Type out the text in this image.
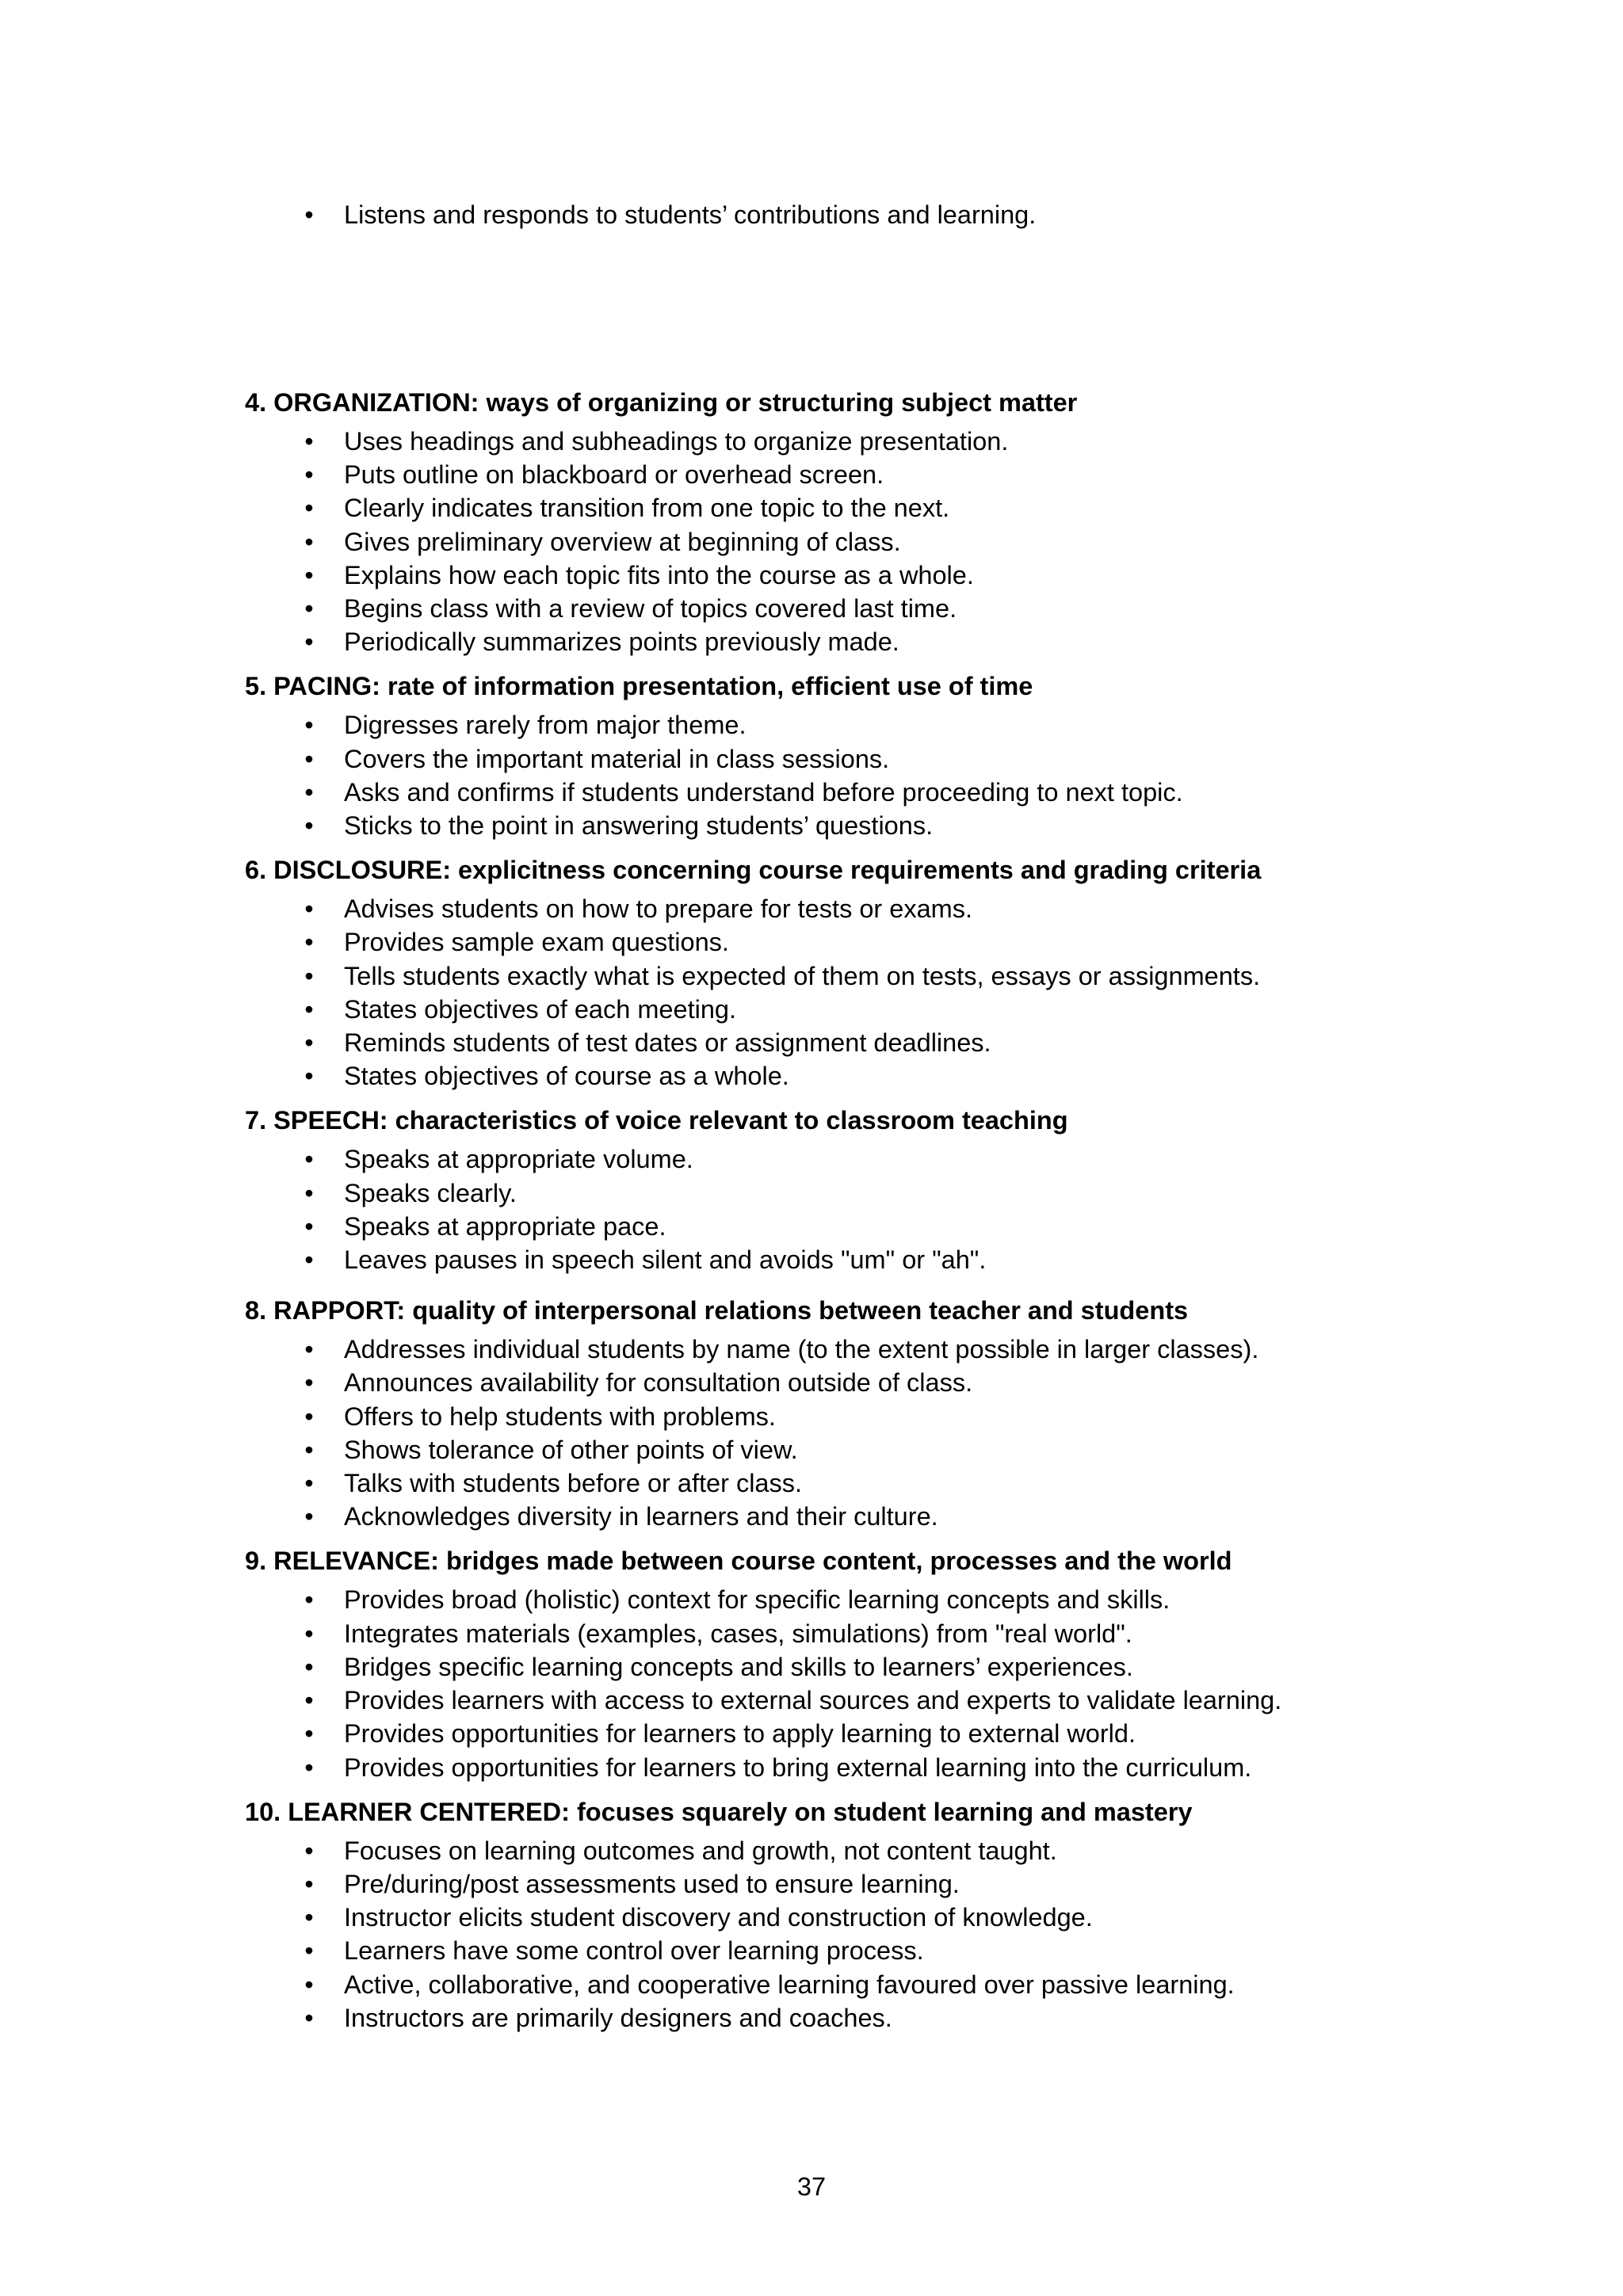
• Listens and responds to students’ contributions and learning.
4. ORGANIZATION: ways of organizing or structuring subject matter
• Uses headings and subheadings to organize presentation.
• Puts outline on blackboard or overhead screen.
• Clearly indicates transition from one topic to the next.
• Gives preliminary overview at beginning of class.
• Explains how each topic fits into the course as a whole.
• Begins class with a review of topics covered last time.
• Periodically summarizes points previously made.
5. PACING: rate of information presentation, efficient use of time
• Digresses rarely from major theme.
• Covers the important material in class sessions.
• Asks and confirms if students understand before proceeding to next topic.
• Sticks to the point in answering students’ questions.
6. DISCLOSURE: explicitness concerning course requirements and grading criteria
• Advises students on how to prepare for tests or exams.
• Provides sample exam questions.
• Tells students exactly what is expected of them on tests, essays or assignments.
• States objectives of each meeting.
• Reminds students of test dates or assignment deadlines.
• States objectives of course as a whole.
7. SPEECH: characteristics of voice relevant to classroom teaching
• Speaks at appropriate volume.
• Speaks clearly.
• Speaks at appropriate pace.
• Leaves pauses in speech silent and avoids "um" or "ah".
8. RAPPORT: quality of interpersonal relations between teacher and students
• Addresses individual students by name (to the extent possible in larger classes).
• Announces availability for consultation outside of class.
• Offers to help students with problems.
• Shows tolerance of other points of view.
• Talks with students before or after class.
• Acknowledges diversity in learners and their culture.
9. RELEVANCE: bridges made between course content, processes and the world
• Provides broad (holistic) context for specific learning concepts and skills.
• Integrates materials (examples, cases, simulations) from "real world".
• Bridges specific learning concepts and skills to learners’ experiences.
• Provides learners with access to external sources and experts to validate learning.
• Provides opportunities for learners to apply learning to external world.
• Provides opportunities for learners to bring external learning into the curriculum.
10. LEARNER CENTERED: focuses squarely on student learning and mastery
• Focuses on learning outcomes and growth, not content taught.
• Pre/during/post assessments used to ensure learning.
• Instructor elicits student discovery and construction of knowledge.
• Learners have some control over learning process.
• Active, collaborative, and cooperative learning favoured over passive learning.
• Instructors are primarily designers and coaches.
37
